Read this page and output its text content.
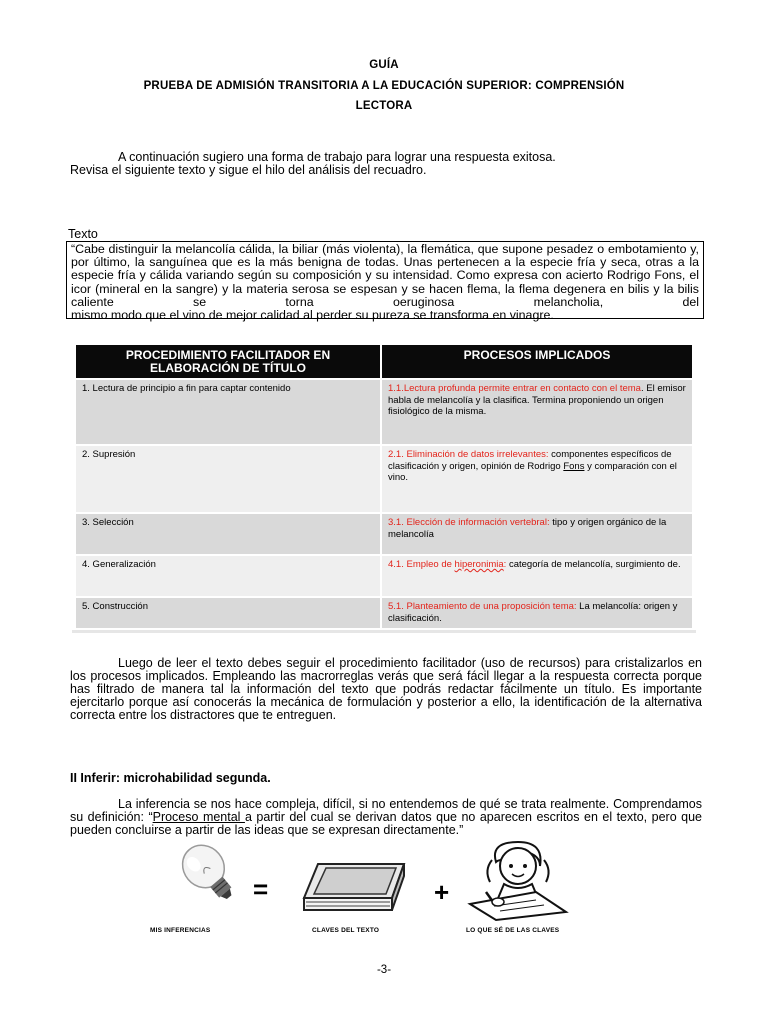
GUÍA
PRUEBA DE ADMISIÓN TRANSITORIA A LA EDUCACIÓN SUPERIOR: COMPRENSIÓN
LECTORA
A continuación sugiero una forma de trabajo para lograr una respuesta exitosa.
Revisa el siguiente texto y sigue el hilo del análisis del recuadro.
Texto
“Cabe distinguir la melancolía cálida, la biliar (más violenta), la flemática, que supone pesadez o embotamiento y, por último, la sanguínea que es la más benigna de todas. Unas pertenecen a la especie fría y seca, otras a la especie fría y cálida variando según su composición y su intensidad. Como expresa con acierto Rodrigo Fons, el icor (mineral en la sangre) y la materia serosa se espesan y se hacen flema, la flema degenera en bilis y la bilis caliente se torna oeruginosa melancholia, del
mismo modo que el vino de mejor calidad al perder su pureza se transforma en vinagre.
PROCEDIMIENTO FACILITADOR EN ELABORACIÓN DE TÍTULO	PROCESOS IMPLICADOS
1. Lectura de principio a fin para captar contenido	1.1.Lectura profunda permite entrar en contacto con el tema. El emisor habla de melancolía y la clasifica. Termina proponiendo un origen fisiológico de la misma.
2. Supresión	2.1. Eliminación de datos irrelevantes: componentes específicos de clasificación y origen, opinión de Rodrigo Fons y comparación con el vino.
3. Selección	3.1. Elección de información vertebral: tipo y origen orgánico de la melancolía
4. Generalización	4.1. Empleo de hiperonimia: categoría de melancolía, surgimiento de.
5. Construcción	5.1. Planteamiento de una proposición tema: La melancolía: origen y clasificación.
Luego de leer el texto debes seguir el procedimiento facilitador (uso de recursos) para cristalizarlos en los procesos implicados. Empleando las macrorreglas verás que será fácil llegar a la respuesta correcta porque has filtrado de manera tal la información del texto que podrás redactar fácilmente un título. Es importante ejercitarlo porque así conocerás la mecánica de formulación y posterior a ello, la identificación de la alternativa correcta entre los distractores que te entreguen.
II Inferir: microhabilidad segunda.
La inferencia se nos hace compleja, difícil, si no entendemos de qué se trata realmente. Comprendamos su definición: “Proceso mental a partir del cual se derivan datos que no aparecen escritos en el texto, pero que pueden concluirse a partir de las ideas que se expresan directamente.”
=	+
MIS INFERENCIAS	CLAVES DEL TEXTO	LO QUE SÉ DE LAS CLAVES
-3-
